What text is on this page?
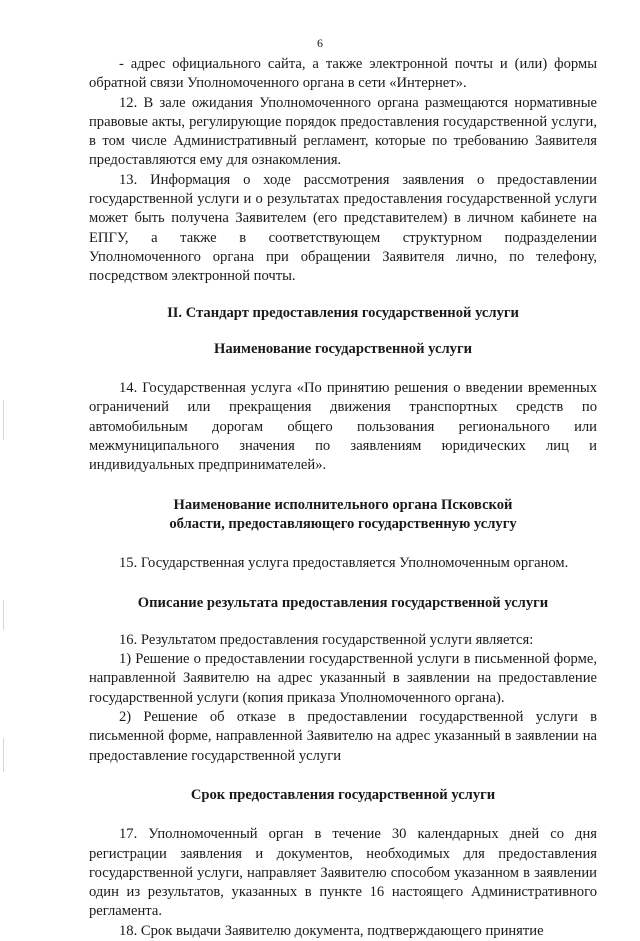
6

- адрес официального сайта, а также электронной почты и (или) формы обратной связи Уполномоченного органа в сети «Интернет».

12. В зале ожидания Уполномоченного органа размещаются нормативные правовые акты, регулирующие порядок предоставления государственной услуги, в том числе Административный регламент, которые по требованию Заявителя предоставляются ему для ознакомления.

13. Информация о ходе рассмотрения заявления о предоставлении государственной услуги и о результатах предоставления государственной услуги может быть получена Заявителем (его представителем) в личном кабинете на ЕПГУ, а также в соответствующем структурном подразделении Уполномоченного органа при обращении Заявителя лично, по телефону, посредством электронной почты.

II. Стандарт предоставления государственной услуги

Наименование государственной услуги

14. Государственная услуга «По принятию решения о введении временных ограничений или прекращения движения транспортных средств по автомобильным дорогам общего пользования регионального или межмуниципального значения по заявлениям юридических лиц и индивидуальных предпринимателей».

Наименование исполнительного органа Псковской

области, предоставляющего государственную услугу

15. Государственная услуга предоставляется Уполномоченным органом.

Описание результата предоставления государственной услуги

16. Результатом предоставления государственной услуги является:

1) Решение о предоставлении государственной услуги в письменной форме, направленной Заявителю на адрес указанный в заявлении на предоставление государственной услуги (копия приказа Уполномоченного органа).

2) Решение об отказе в предоставлении государственной услуги в письменной форме, направленной Заявителю на адрес указанный в заявлении на предоставление государственной услуги

Срок предоставления государственной услуги

17. Уполномоченный орган в течение 30 календарных дней со дня регистрации заявления и документов, необходимых для предоставления государственной услуги, направляет Заявителю способом указанном в заявлении один из результатов, указанных в пункте 16 настоящего Административного регламента.

18. Срок выдачи Заявителю документа, подтверждающего принятие
